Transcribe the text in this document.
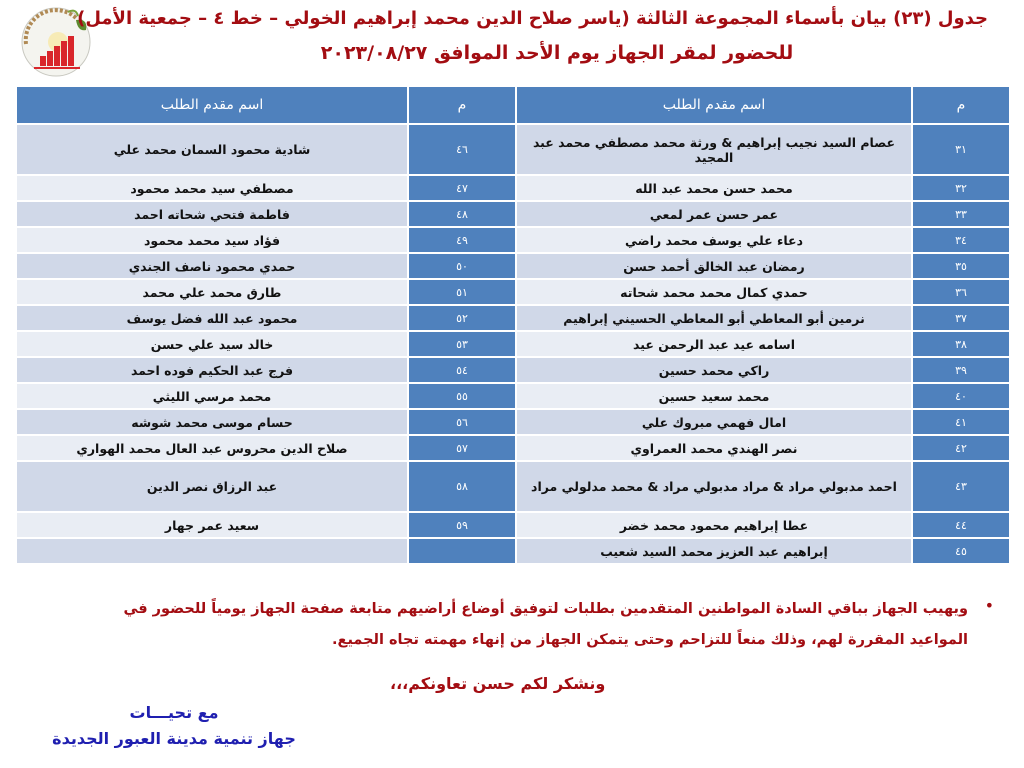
جدول (٢٣) بيان بأسماء المجموعة الثالثة (ياسر صلاح الدين محمد إبراهيم الخولي – خط ٤ – جمعية الأمل)
للحضور لمقر الجهاز يوم الأحد الموافق ٢٠٢٣/٠٨/٢٧
م	اسم مقدم الطلب	م	اسم مقدم الطلب
٣١	عصام السيد نجيب إبراهيم & ورثة محمد مصطفي محمد عبد المجيد	٤٦	شادية محمود السمان محمد علي
٣٢	محمد حسن محمد عبد الله	٤٧	مصطفي سيد محمد محمود
٣٣	عمر حسن عمر لمعي	٤٨	فاطمة فتحي شحاته احمد
٣٤	دعاء علي يوسف محمد راضي	٤٩	فؤاد سيد محمد محمود
٣٥	رمضان عبد الخالق أحمد حسن	٥٠	حمدي محمود ناصف الجندي
٣٦	حمدي كمال محمد محمد شحاته	٥١	طارق محمد علي محمد
٣٧	نرمين أبو المعاطي أبو المعاطي الحسيني إبراهيم	٥٢	محمود عبد الله فضل يوسف
٣٨	اسامه عيد عبد الرحمن عيد	٥٣	خالد سيد علي حسن
٣٩	راكي محمد حسين	٥٤	فرج عبد الحكيم فوده احمد
٤٠	محمد سعيد حسين	٥٥	محمد مرسي الليثي
٤١	امال فهمي مبروك علي	٥٦	حسام موسى محمد شوشه
٤٢	نصر الهندي محمد العمراوي	٥٧	صلاح الدين محروس عبد العال محمد الهواري
٤٣	احمد مدبولي مراد & مراد مدبولي مراد & محمد مدلولي مراد	٥٨	عبد الرزاق نصر الدين
٤٤	عطا إبراهيم محمود محمد خضر	٥٩	سعيد عمر جهار
٤٥	إبراهيم عبد العزيز محمد السيد شعيب		
•
ويهيب الجهاز بباقي السادة المواطنين المتقدمين بطلبات لتوفيق أوضاع أراضيهم متابعة صفحة الجهاز يومياً للحضور في المواعيد المقررة لهم، وذلك منعاً للتزاحم وحتى يتمكن الجهاز من إنهاء مهمته تجاه الجميع.
ونشكر لكم حسن تعاونكم،،،
مع تحيـــات
جهاز تنمية مدينة العبور الجديدة
